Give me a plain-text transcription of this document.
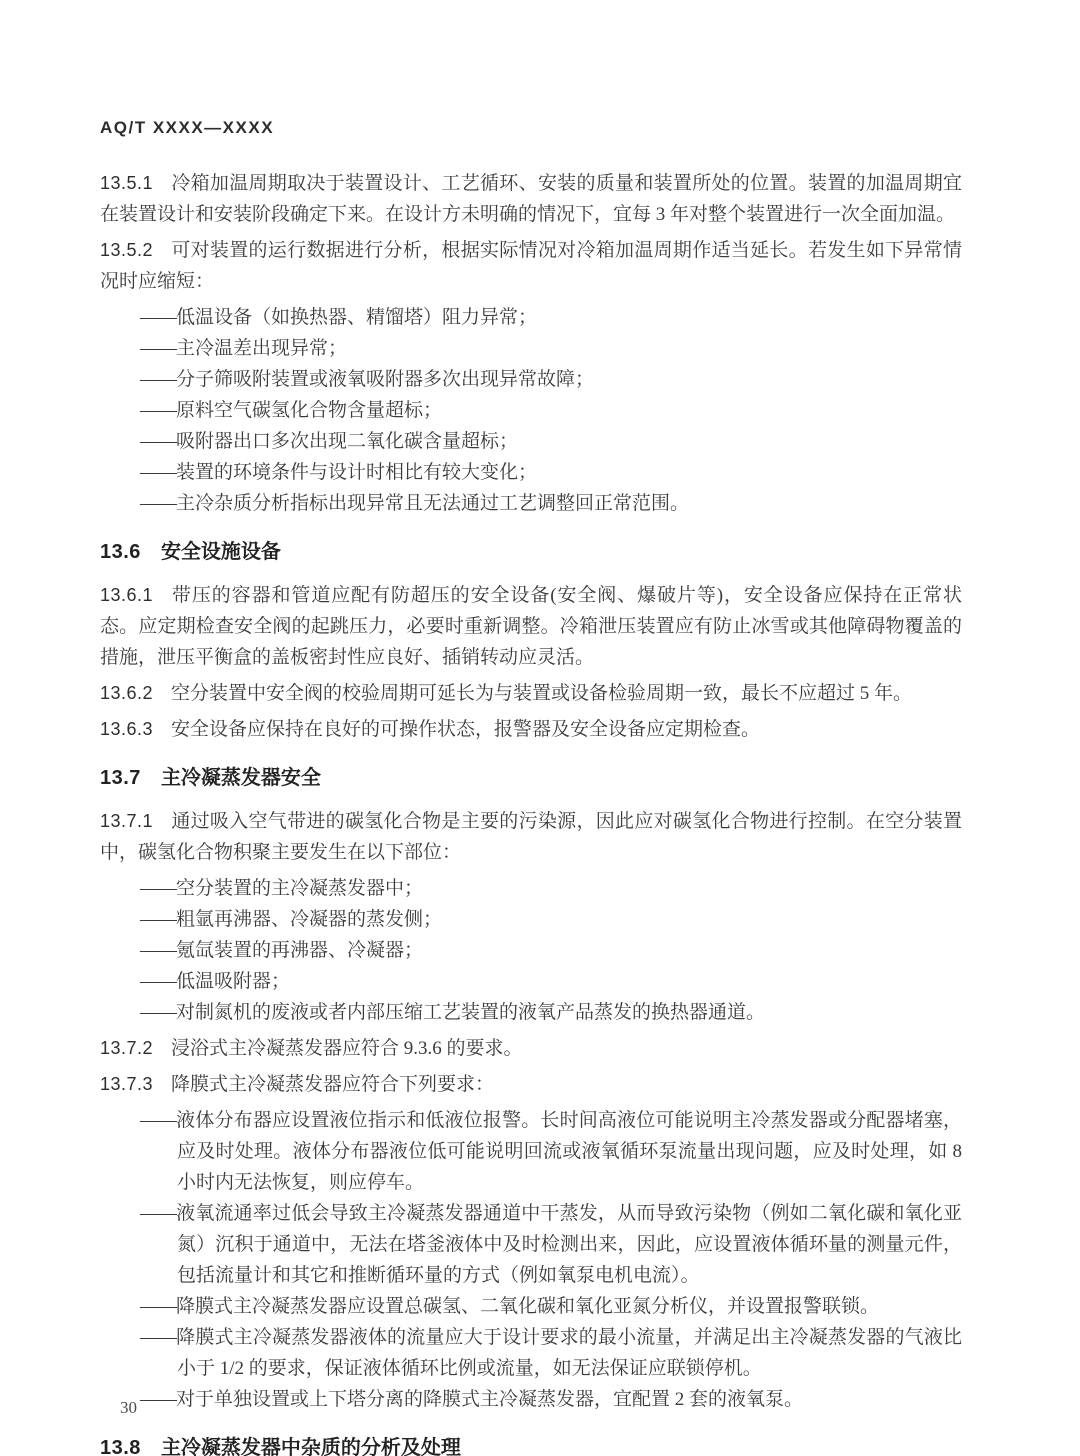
AQ/T XXXX—XXXX

13.5.1 冷箱加温周期取决于装置设计、工艺循环、安装的质量和装置所处的位置。装置的加温周期宜在装置设计和安装阶段确定下来。在设计方未明确的情况下，宜每 3 年对整个装置进行一次全面加温。

13.5.2 可对装置的运行数据进行分析，根据实际情况对冷箱加温周期作适当延长。若发生如下异常情况时应缩短：

——低温设备（如换热器、精馏塔）阻力异常；

——主冷温差出现异常；

——分子筛吸附装置或液氧吸附器多次出现异常故障；

——原料空气碳氢化合物含量超标；

——吸附器出口多次出现二氧化碳含量超标；

——装置的环境条件与设计时相比有较大变化；

——主冷杂质分析指标出现异常且无法通过工艺调整回正常范围。

13.6 安全设施设备

13.6.1 带压的容器和管道应配有防超压的安全设备(安全阀、爆破片等)，安全设备应保持在正常状态。应定期检查安全阀的起跳压力，必要时重新调整。冷箱泄压装置应有防止冰雪或其他障碍物覆盖的措施，泄压平衡盒的盖板密封性应良好、插销转动应灵活。

13.6.2 空分装置中安全阀的校验周期可延长为与装置或设备检验周期一致，最长不应超过 5 年。

13.6.3 安全设备应保持在良好的可操作状态，报警器及安全设备应定期检查。

13.7 主冷凝蒸发器安全

13.7.1 通过吸入空气带进的碳氢化合物是主要的污染源，因此应对碳氢化合物进行控制。在空分装置中，碳氢化合物积聚主要发生在以下部位：

——空分装置的主冷凝蒸发器中；

——粗氩再沸器、冷凝器的蒸发侧；

——氪氙装置的再沸器、冷凝器；

——低温吸附器；

——对制氮机的废液或者内部压缩工艺装置的液氧产品蒸发的换热器通道。

13.7.2 浸浴式主冷凝蒸发器应符合 9.3.6 的要求。

13.7.3 降膜式主冷凝蒸发器应符合下列要求：

——液体分布器应设置液位指示和低液位报警。长时间高液位可能说明主冷蒸发器或分配器堵塞，应及时处理。液体分布器液位低可能说明回流或液氧循环泵流量出现问题，应及时处理，如 8 小时内无法恢复，则应停车。

——液氧流通率过低会导致主冷凝蒸发器通道中干蒸发，从而导致污染物（例如二氧化碳和氧化亚氮）沉积于通道中，无法在塔釜液体中及时检测出来，因此，应设置液体循环量的测量元件，包括流量计和其它和推断循环量的方式（例如氧泵电机电流）。

——降膜式主冷凝蒸发器应设置总碳氢、二氧化碳和氧化亚氮分析仪，并设置报警联锁。

——降膜式主冷凝蒸发器液体的流量应大于设计要求的最小流量，并满足出主冷凝蒸发器的气液比小于 1/2 的要求，保证液体循环比例或流量，如无法保证应联锁停机。

——对于单独设置或上下塔分离的降膜式主冷凝蒸发器，宜配置 2 套的液氧泵。

13.8 主冷凝蒸发器中杂质的分析及处理
30
